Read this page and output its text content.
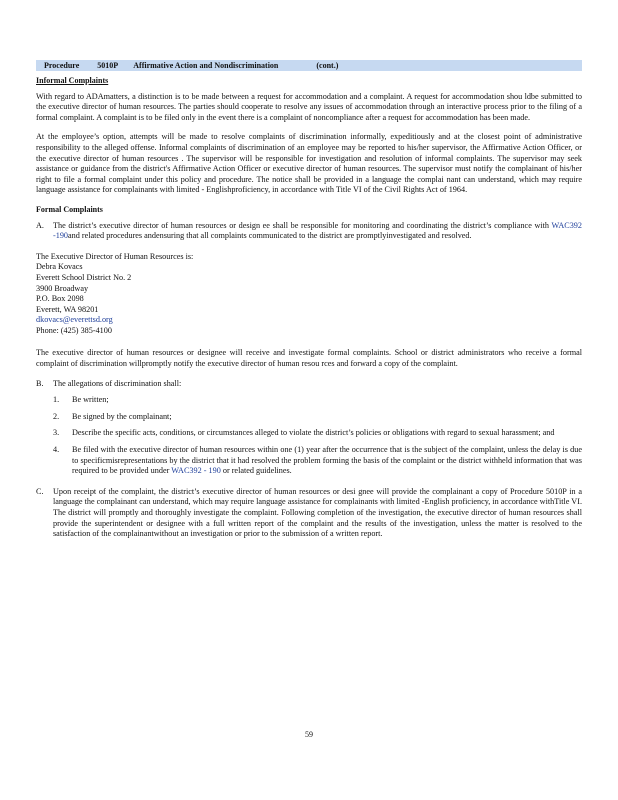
Procedure 5010P Affirmative Action and Nondiscrimination	(cont.)
Informal Complaints

With regard to ADAmatters, a distinction is to be made between a request for accommodation and a complaint. A request for accommodation shou ldbe submitted to the executive director of human resources. The parties should cooperate to resolve any issues of accommodation through an interactive process prior to the filing of a formal complaint. A complaint is to be filed only in the event there is a complaint of noncompliance after a request for accommodation has been made.

At the employee’s option, attempts will be made to resolve complaints of discrimination informally, expeditiously and at the closest point of administrative responsibility to the alleged offense. Informal complaints of discrimination of an employee may be reported to his/her supervisor, the Affirmative Action Officer, or the executive director of human resources . The supervisor will be responsible for investigation and resolution of informal complaints. The supervisor may seek assistance or guidance from the district's Affirmative Action Officer or executive director of human resources. The supervisor must notify the complainant of his/her right to file a formal complaint under this policy and procedure. The notice shall be provided in a language the complai nant can understand, which may require language assistance for complainants with limited - Englishproficiency, in accordance with Title VI of the Civil Rights Act of 1964.

Formal Complaints
A.	The district’s executive director of human resources or design ee shall be responsible for monitoring and coordinating the district’s compliance with WAC392 -190and related procedures andensuring that all complaints communicated to the district are promptlyinvestigated and resolved.
The Executive Director of Human Resources is:
Debra Kovacs
Everett School District No. 2
3900 Broadway
P.O. Box 2098
Everett, WA 98201
dkovacs@everettsd.org
Phone: (425) 385-4100

The executive director of human resources or designee will receive and investigate formal complaints. School or district administrators who receive a formal complaint of discrimination willpromptly notify the executive director of human resou rces and forward a copy of the complaint.

B.	The allegations of discrimination shall:
1.	Be written;
2.	Be signed by the complainant;
3.	Describe the specific acts, conditions, or circumstances alleged to violate the district’s policies or obligations with regard to sexual harassment; and
4.	Be filed with the executive director of human resources within one (1) year after the occurrence that is the subject of the complaint, unless the delay is due to specificmisrepresentations by the district that it had resolved the problem forming the basis of the complaint or the district withheld information that was required to be provided under WAC392 - 190 or related guidelines.
C.	Upon receipt of the complaint, the district’s executive director of human resources or desi gnee will provide the complainant a copy of Procedure 5010P in a language the complainant can understand, which may require language assistance for complainants with limited -English proficiency, in accordance withTitle VI. The district will promptly and thoroughly investigate the complaint. Following completion of the investigation, the executive director of human resources shall provide the superintendent or designee with a full written report of the complaint and the results of the investigation, unless the matter is resolved to the satisfaction of the complainantwithout an investigation or prior to the submission of a written report.
59
